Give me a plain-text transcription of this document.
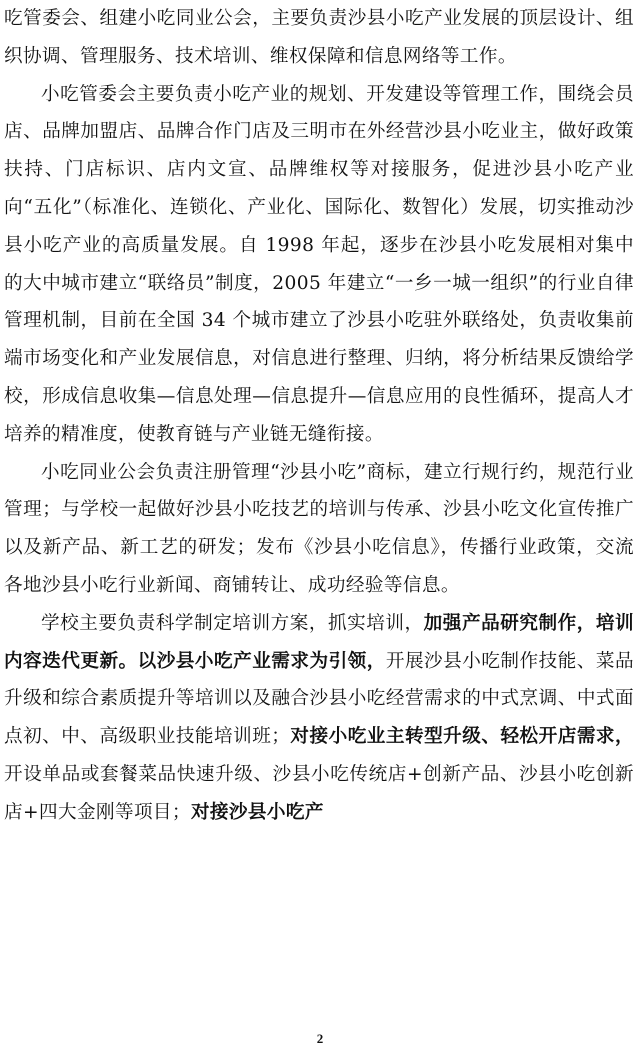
吃管委会、组建小吃同业公会，主要负责沙县小吃产业发展的顶层设计、组织协调、管理服务、技术培训、维权保障和信息网络等工作。

小吃管委会主要负责小吃产业的规划、开发建设等管理工作，围绕会员店、品牌加盟店、品牌合作门店及三明市在外经营沙县小吃业主，做好政策扶持、门店标识、店内文宣、品牌维权等对接服务，促进沙县小吃产业向“五化”（标准化、连锁化、产业化、国际化、数智化）发展，切实推动沙县小吃产业的高质量发展。自 1998 年起，逐步在沙县小吃发展相对集中的大中城市建立“联络员”制度，2005 年建立“一乡一城一组织”的行业自律管理机制，目前在全国 34 个城市建立了沙县小吃驻外联络处，负责收集前端市场变化和产业发展信息，对信息进行整理、归纳，将分析结果反馈给学校，形成信息收集—信息处理—信息提升—信息应用的良性循环，提高人才培养的精准度，使教育链与产业链无缝衔接。

小吃同业公会负责注册管理“沙县小吃”商标，建立行规行约，规范行业管理；与学校一起做好沙县小吃技艺的培训与传承、沙县小吃文化宣传推广以及新产品、新工艺的研发；发布《沙县小吃信息》，传播行业政策，交流各地沙县小吃行业新闻、商铺转让、成功经验等信息。

学校主要负责科学制定培训方案，抓实培训，加强产品研究制作，培训内容迭代更新。以沙县小吃产业需求为引领，开展沙县小吃制作技能、菜品升级和综合素质提升等培训以及融合沙县小吃经营需求的中式烹调、中式面点初、中、高级职业技能培训班；对接小吃业主转型升级、轻松开店需求，开设单品或套餐菜品快速升级、沙县小吃传统店+创新产品、沙县小吃创新店+四大金刚等项目；对接沙县小吃产

2
